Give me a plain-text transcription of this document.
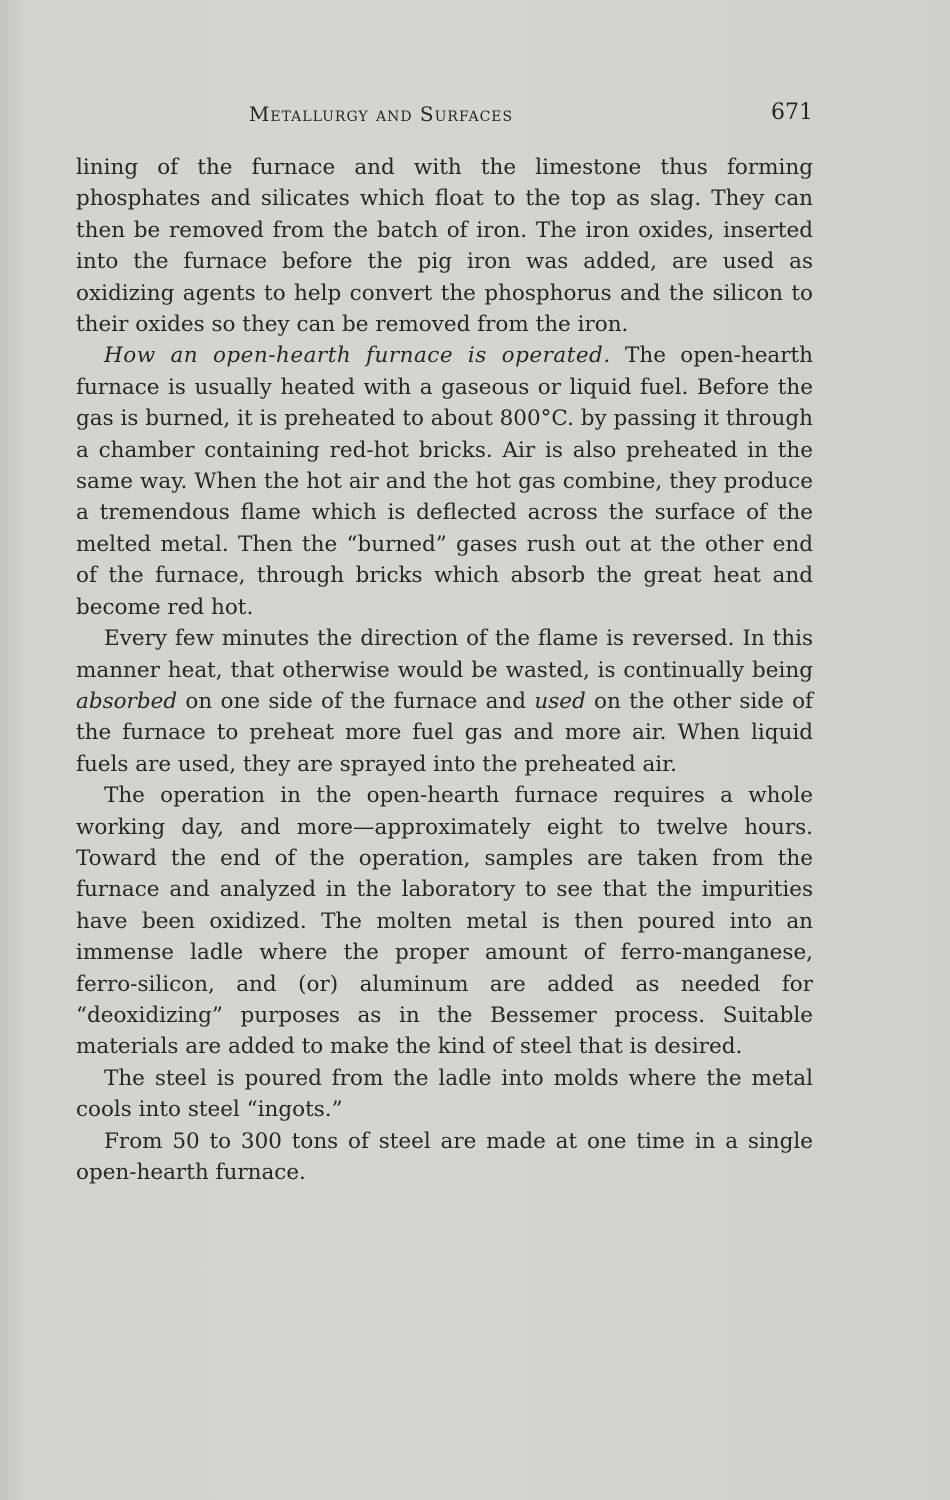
Metallurgy and Surfaces	671

lining of the furnace and with the limestone thus forming phosphates and silicates which float to the top as slag. They can then be removed from the batch of iron. The iron oxides, inserted into the furnace before the pig iron was added, are used as oxidizing agents to help convert the phosphorus and the silicon to their oxides so they can be removed from the iron.

How an open-hearth furnace is operated. The open-hearth furnace is usually heated with a gaseous or liquid fuel. Before the gas is burned, it is preheated to about 800°C. by passing it through a chamber containing red-hot bricks. Air is also preheated in the same way. When the hot air and the hot gas combine, they produce a tremendous flame which is deflected across the surface of the melted metal. Then the “burned” gases rush out at the other end of the furnace, through bricks which absorb the great heat and become red hot.

Every few minutes the direction of the flame is reversed. In this manner heat, that otherwise would be wasted, is continually being absorbed on one side of the furnace and used on the other side of the furnace to preheat more fuel gas and more air. When liquid fuels are used, they are sprayed into the preheated air.

The operation in the open-hearth furnace requires a whole working day, and more—approximately eight to twelve hours. Toward the end of the operation, samples are taken from the furnace and analyzed in the laboratory to see that the impurities have been oxidized. The molten metal is then poured into an immense ladle where the proper amount of ferro-manganese, ferro-silicon, and (or) aluminum are added as needed for “deoxidizing” purposes as in the Bessemer process. Suitable materials are added to make the kind of steel that is desired.

The steel is poured from the ladle into molds where the metal cools into steel “ingots.”

From 50 to 300 tons of steel are made at one time in a single open-hearth furnace.
